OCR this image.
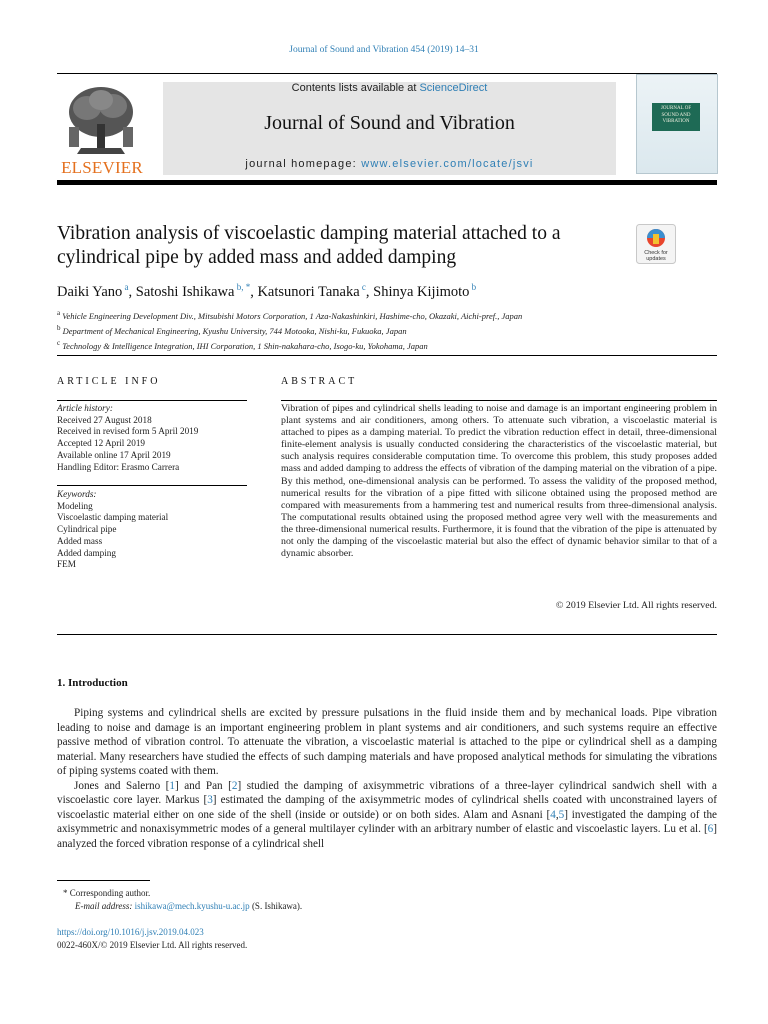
Journal of Sound and Vibration 454 (2019) 14–31
ELSEVIER
Contents lists available at ScienceDirect
Journal of Sound and Vibration
journal homepage: www.elsevier.com/locate/jsvi
JOURNAL OF SOUND AND VIBRATION
Vibration analysis of viscoelastic damping material attached to a cylindrical pipe by added mass and added damping	Check for
updates
Daiki Yano $^a$, Satoshi Ishikawa $^{b, *}$, Katsunori Tanaka $^c$, Shinya Kijimoto $^b$
$^a$ Vehicle Engineering Development Div., Mitsubishi Motors Corporation, 1 Aza-Nakashinkiri, Hashime-cho, Okazaki, Aichi-pref., Japan
$^b$ Department of Mechanical Engineering, Kyushu University, 744 Motooka, Nishi-ku, Fukuoka, Japan
$^c$ Technology & Intelligence Integration, IHI Corporation, 1 Shin-nakahara-cho, Isogo-ku, Yokohama, Japan
ARTICLE INFO	ABSTRACT
Article history:
Received 27 August 2018
Received in revised form 5 April 2019
Accepted 12 April 2019
Available online 17 April 2019
Handling Editor: Erasmo Carrera
Keywords:
Modeling
Viscoelastic damping material
Cylindrical pipe
Added mass
Added damping
FEM
Vibration of pipes and cylindrical shells leading to noise and damage is an important engineering problem in plant systems and air conditioners, among others. To attenuate such vibration, a viscoelastic material is attached to pipes as a damping material. To predict the vibration reduction effect in detail, three-dimensional finite-element analysis is usually conducted considering the characteristics of the viscoelastic material, but such analysis requires considerable computation time. To overcome this problem, this study proposes added mass and added damping to address the effects of vibration of the damping material on the vibration of a pipe. By this method, one-dimensional analysis can be performed. To assess the validity of the proposed method, numerical results for the vibration of a pipe fitted with silicone obtained using the proposed method are compared with measurements from a hammering test and numerical results from three-dimensional analysis. The computational results obtained using the proposed method agree very well with the measurements and the three-dimensional numerical results. Furthermore, it is found that the vibration of the pipe is attenuated by not only the damping of the viscoelastic material but also the effect of dynamic behavior similar to that of a dynamic absorber.
© 2019 Elsevier Ltd. All rights reserved.
1. Introduction

Piping systems and cylindrical shells are excited by pressure pulsations in the fluid inside them and by mechanical loads. Pipe vibration leading to noise and damage is an important engineering problem in plant systems and air conditioners, and such systems require an effective passive method of vibration control. To attenuate the vibration, a viscoelastic material is attached to the pipe or cylindrical shell as a damping material. Many researchers have studied the effects of such damping materials and have proposed analytical methods for simulating the vibrations of piping systems coated with them.

Jones and Salerno [1] and Pan [2] studied the damping of axisymmetric vibrations of a three-layer cylindrical sandwich shell with a viscoelastic core layer. Markus [3] estimated the damping of the axisymmetric modes of cylindrical shells coated with unconstrained layers of viscoelastic material either on one side of the shell (inside or outside) or on both sides. Alam and Asnani [4,5] investigated the damping of the axisymmetric and nonaxisymmetric modes of a general multilayer cylinder with an arbitrary number of elastic and viscoelastic layers. Lu et al. [6] analyzed the forced vibration response of a cylindrical shell

* Corresponding author.
E-mail address: ishikawa@mech.kyushu-u.ac.jp (S. Ishikawa).
https://doi.org/10.1016/j.jsv.2019.04.023
0022-460X/© 2019 Elsevier Ltd. All rights reserved.
